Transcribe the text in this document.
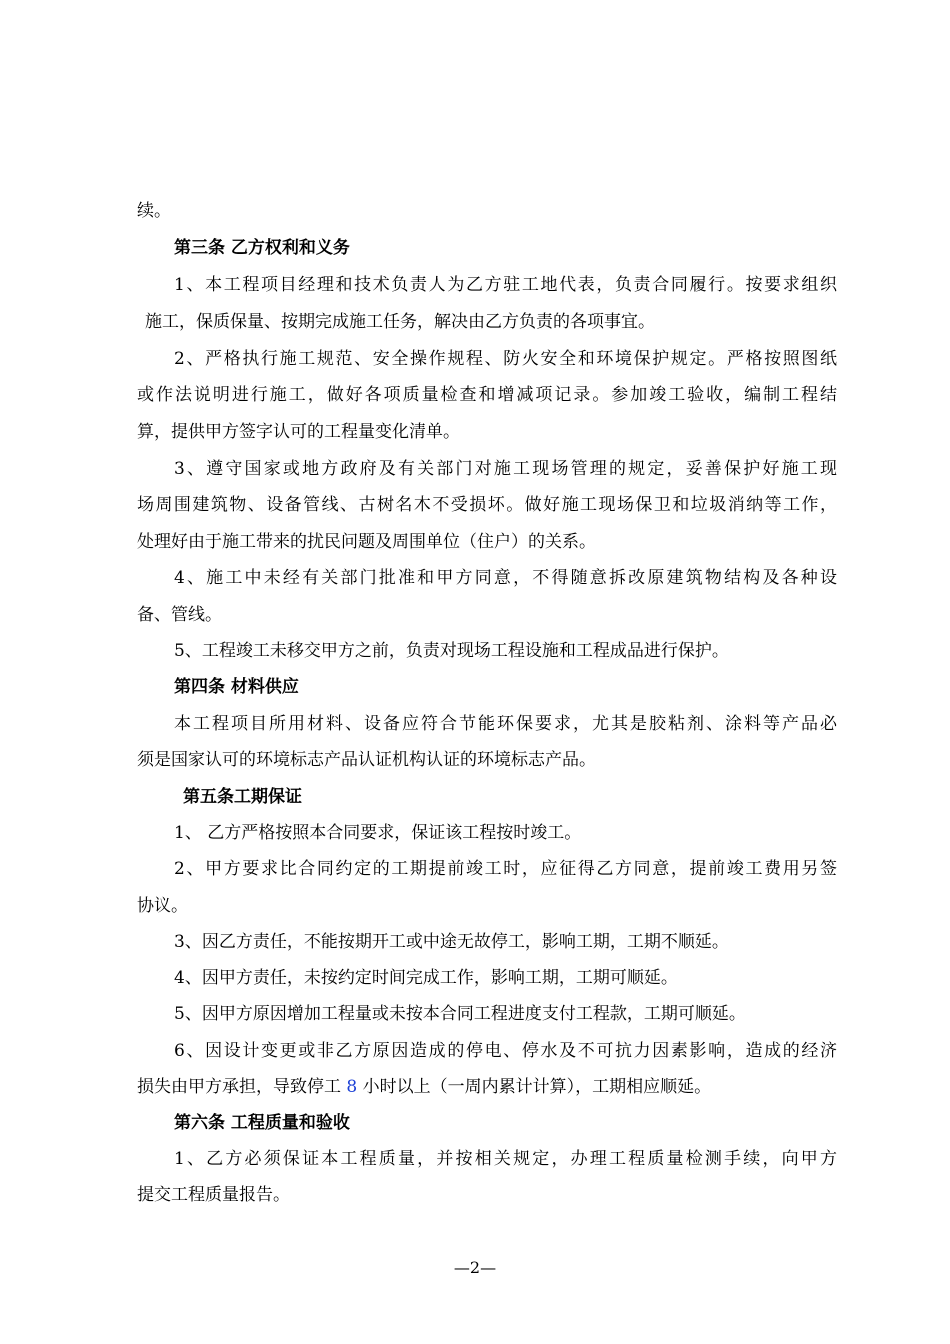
续。
第三条 乙方权利和义务
1、本工程项目经理和技术负责人为乙方驻工地代表，负责合同履行。按要求组织
施工，保质保量、按期完成施工任务，解决由乙方负责的各项事宜。
2、严格执行施工规范、安全操作规程、防火安全和环境保护规定。严格按照图纸
或作法说明进行施工，做好各项质量检查和增减项记录。参加竣工验收，编制工程结
算，提供甲方签字认可的工程量变化清单。
3、遵守国家或地方政府及有关部门对施工现场管理的规定，妥善保护好施工现
场周围建筑物、设备管线、古树名木不受损坏。做好施工现场保卫和垃圾消纳等工作，
处理好由于施工带来的扰民问题及周围单位（住户）的关系。
4、施工中未经有关部门批准和甲方同意，不得随意拆改原建筑物结构及各种设
备、管线。
5、工程竣工未移交甲方之前，负责对现场工程设施和工程成品进行保护。
第四条 材料供应
本工程项目所用材料、设备应符合节能环保要求，尤其是胶粘剂、涂料等产品必
须是国家认可的环境标志产品认证机构认证的环境标志产品。
第五条工期保证
1、 乙方严格按照本合同要求，保证该工程按时竣工。
2、甲方要求比合同约定的工期提前竣工时，应征得乙方同意，提前竣工费用另签
协议。
3、因乙方责任，不能按期开工或中途无故停工，影响工期，工期不顺延。
4、因甲方责任，未按约定时间完成工作，影响工期，工期可顺延。
5、因甲方原因增加工程量或未按本合同工程进度支付工程款，工期可顺延。
6、因设计变更或非乙方原因造成的停电、停水及不可抗力因素影响，造成的经济
损失由甲方承担，导致停工 8 小时以上（一周内累计计算），工期相应顺延。
第六条 工程质量和验收
1、乙方必须保证本工程质量，并按相关规定，办理工程质量检测手续，向甲方
提交工程质量报告。
—2—
